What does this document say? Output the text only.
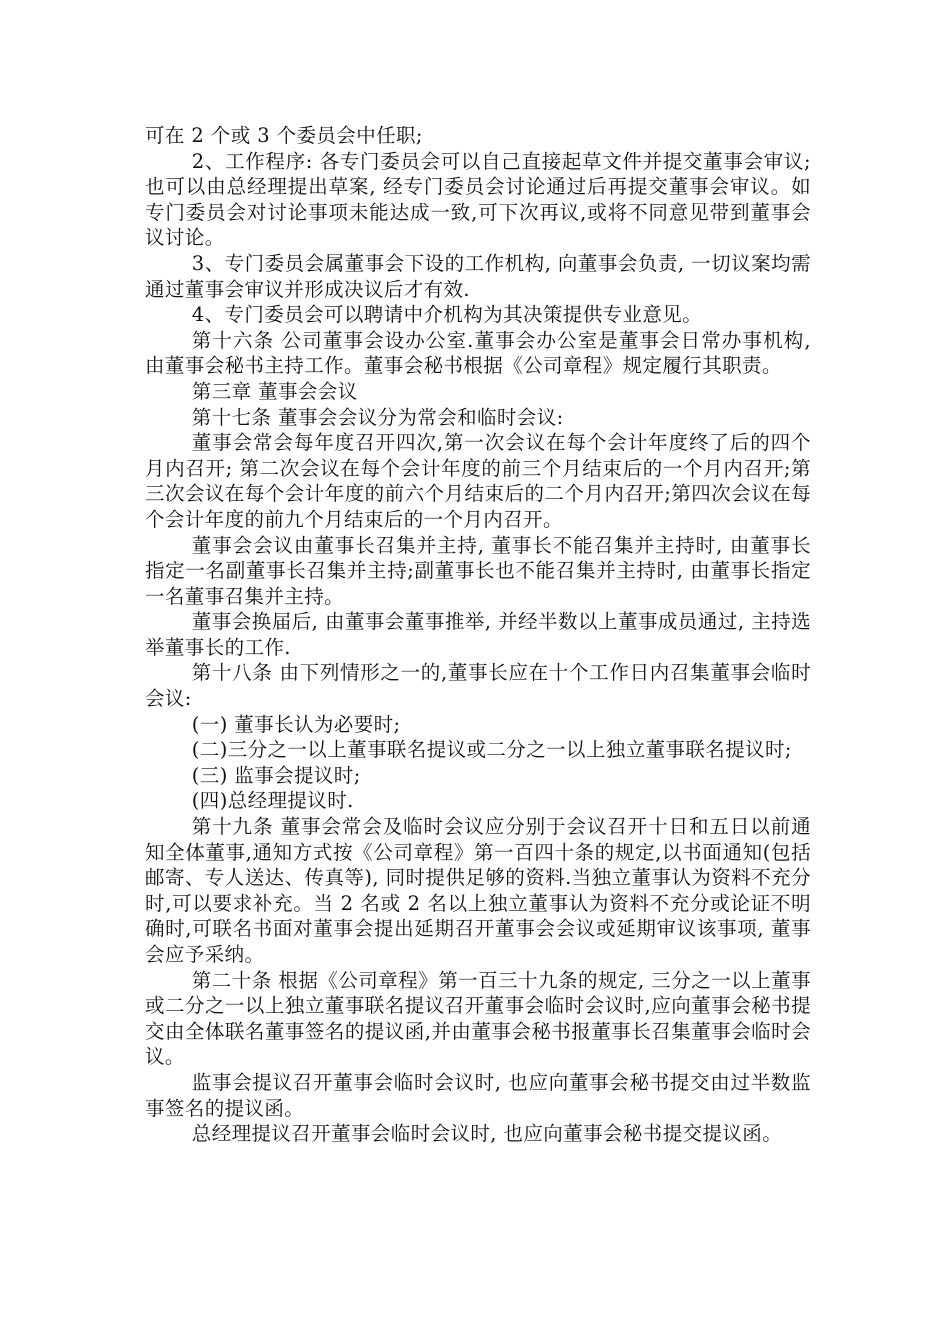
可在 2 个或 3 个委员会中任职;

2、工作程序: 各专门委员会可以自己直接起草文件并提交董事会审议; 也可以由总经理提出草案, 经专门委员会讨论通过后再提交董事会审议。如专门委员会对讨论事项未能达成一致,可下次再议,或将不同意见带到董事会议讨论。

3、专门委员会属董事会下设的工作机构, 向董事会负责, 一切议案均需通过董事会审议并形成决议后才有效.

4、专门委员会可以聘请中介机构为其决策提供专业意见。

第十六条 公司董事会设办公室.董事会办公室是董事会日常办事机构, 由董事会秘书主持工作。董事会秘书根据《公司章程》规定履行其职责。

第三章 董事会会议

第十七条 董事会会议分为常会和临时会议:

董事会常会每年度召开四次,第一次会议在每个会计年度终了后的四个月内召开; 第二次会议在每个会计年度的前三个月结束后的一个月内召开;第三次会议在每个会计年度的前六个月结束后的二个月内召开;第四次会议在每个会计年度的前九个月结束后的一个月内召开。

董事会会议由董事长召集并主持, 董事长不能召集并主持时, 由董事长指定一名副董事长召集并主持;副董事长也不能召集并主持时, 由董事长指定一名董事召集并主持。

董事会换届后, 由董事会董事推举, 并经半数以上董事成员通过, 主持选举董事长的工作.

第十八条 由下列情形之一的,董事长应在十个工作日内召集董事会临时会议:

(一) 董事长认为必要时;

(二)三分之一以上董事联名提议或二分之一以上独立董事联名提议时;

(三) 监事会提议时;

(四)总经理提议时.

第十九条 董事会常会及临时会议应分别于会议召开十日和五日以前通知全体董事,通知方式按《公司章程》第一百四十条的规定,以书面通知(包括邮寄、专人送达、传真等), 同时提供足够的资料.当独立董事认为资料不充分时,可以要求补充。当 2 名或 2 名以上独立董事认为资料不充分或论证不明确时,可联名书面对董事会提出延期召开董事会会议或延期审议该事项, 董事会应予采纳。

第二十条 根据《公司章程》第一百三十九条的规定, 三分之一以上董事或二分之一以上独立董事联名提议召开董事会临时会议时,应向董事会秘书提交由全体联名董事签名的提议函,并由董事会秘书报董事长召集董事会临时会议。

监事会提议召开董事会临时会议时, 也应向董事会秘书提交由过半数监事签名的提议函。

总经理提议召开董事会临时会议时, 也应向董事会秘书提交提议函。
